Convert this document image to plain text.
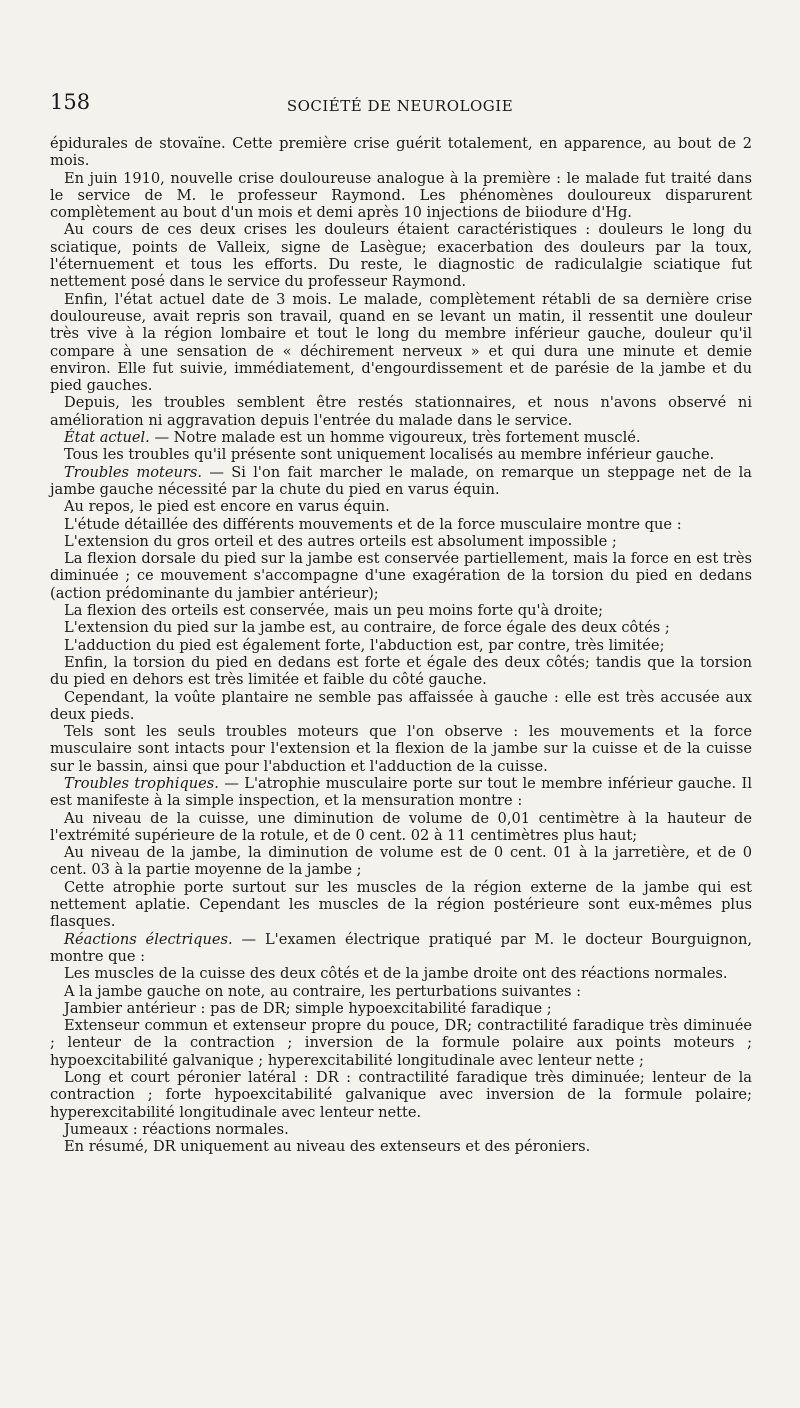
158	SOCIÉTÉ DE NEUROLOGIE

épidurales de stovaïne. Cette première crise guérit totalement, en apparence, au bout de 2 mois.

En juin 1910, nouvelle crise douloureuse analogue à la première : le malade fut traité dans le service de M. le professeur Raymond. Les phénomènes douloureux disparurent complètement au bout d'un mois et demi après 10 injections de biiodure d'Hg.

Au cours de ces deux crises les douleurs étaient caractéristiques : douleurs le long du sciatique, points de Valleix, signe de Lasègue; exacerbation des douleurs par la toux, l'éternuement et tous les efforts. Du reste, le diagnostic de radiculalgie sciatique fut nettement posé dans le service du professeur Raymond.

Enfin, l'état actuel date de 3 mois. Le malade, complètement rétabli de sa dernière crise douloureuse, avait repris son travail, quand en se levant un matin, il ressentit une douleur très vive à la région lombaire et tout le long du membre inférieur gauche, douleur qu'il compare à une sensation de « déchirement nerveux » et qui dura une minute et demie environ. Elle fut suivie, immédiatement, d'engourdissement et de parésie de la jambe et du pied gauches.

Depuis, les troubles semblent être restés stationnaires, et nous n'avons observé ni amélioration ni aggravation depuis l'entrée du malade dans le service.

État actuel. — Notre malade est un homme vigoureux, très fortement musclé.

Tous les troubles qu'il présente sont uniquement localisés au membre inférieur gauche.

Troubles moteurs. — Si l'on fait marcher le malade, on remarque un steppage net de la jambe gauche nécessité par la chute du pied en varus équin.

Au repos, le pied est encore en varus équin.

L'étude détaillée des différents mouvements et de la force musculaire montre que :

L'extension du gros orteil et des autres orteils est absolument impossible ;

La flexion dorsale du pied sur la jambe est conservée partiellement, mais la force en est très diminuée ; ce mouvement s'accompagne d'une exagération de la torsion du pied en dedans (action prédominante du jambier antérieur);

La flexion des orteils est conservée, mais un peu moins forte qu'à droite;

L'extension du pied sur la jambe est, au contraire, de force égale des deux côtés ;

L'adduction du pied est également forte, l'abduction est, par contre, très limitée;

Enfin, la torsion du pied en dedans est forte et égale des deux côtés; tandis que la torsion du pied en dehors est très limitée et faible du côté gauche.

Cependant, la voûte plantaire ne semble pas affaissée à gauche : elle est très accusée aux deux pieds.

Tels sont les seuls troubles moteurs que l'on observe : les mouvements et la force musculaire sont intacts pour l'extension et la flexion de la jambe sur la cuisse et de la cuisse sur le bassin, ainsi que pour l'abduction et l'adduction de la cuisse.

Troubles trophiques. — L'atrophie musculaire porte sur tout le membre inférieur gauche. Il est manifeste à la simple inspection, et la mensuration montre :

Au niveau de la cuisse, une diminution de volume de 0,01 centimètre à la hauteur de l'extrémité supérieure de la rotule, et de 0 cent. 02 à 11 centimètres plus haut;

Au niveau de la jambe, la diminution de volume est de 0 cent. 01 à la jarretière, et de 0 cent. 03 à la partie moyenne de la jambe ;

Cette atrophie porte surtout sur les muscles de la région externe de la jambe qui est nettement aplatie. Cependant les muscles de la région postérieure sont eux-mêmes plus flasques.

Réactions électriques. — L'examen électrique pratiqué par M. le docteur Bourguignon, montre que :

Les muscles de la cuisse des deux côtés et de la jambe droite ont des réactions normales.

A la jambe gauche on note, au contraire, les perturbations suivantes :

Jambier antérieur : pas de DR; simple hypoexcitabilité faradique ;

Extenseur commun et extenseur propre du pouce, DR; contractilité faradique très diminuée ; lenteur de la contraction ; inversion de la formule polaire aux points moteurs ; hypoexcitabilité galvanique ; hyperexcitabilité longitudinale avec lenteur nette ;

Long et court péronier latéral : DR : contractilité faradique très diminuée; lenteur de la contraction ; forte hypoexcitabilité galvanique avec inversion de la formule polaire; hyperexcitabilité longitudinale avec lenteur nette.

Jumeaux : réactions normales.

En résumé, DR uniquement au niveau des extenseurs et des péroniers.
